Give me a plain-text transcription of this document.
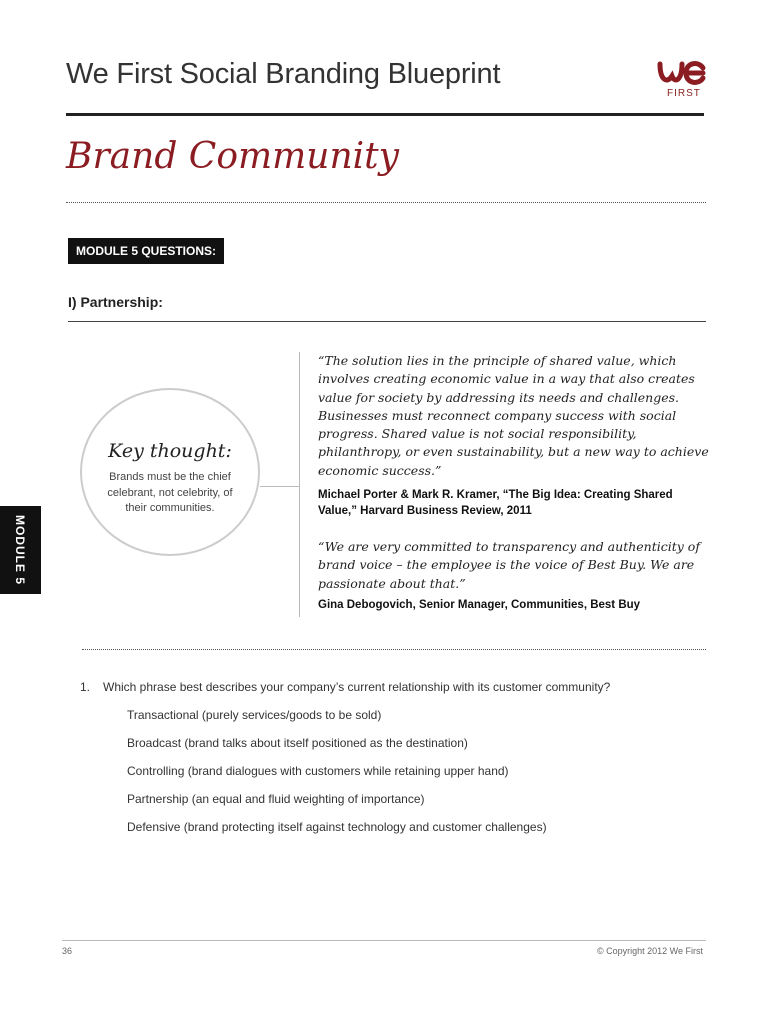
We First Social Branding Blueprint
FIRST
Brand Community
MODULE 5 QUESTIONS:
I) Partnership:
Key thought:
Brands must be the chief celebrant, not celebrity, of their communities.
“The solution lies in the principle of shared value, which involves creating economic value in a way that also creates value for society by addressing its needs and challenges. Businesses must reconnect company success with social progress. Shared value is not social responsibility, philanthropy, or even sustainability, but a new way to achieve economic success.”
Michael Porter & Mark R. Kramer, “The Big Idea: Creating Shared Value,” Harvard Business Review, 2011
“We are very committed to transparency and authenticity of brand voice – the employee is the voice of Best Buy. We are passionate about that.”
Gina Debogovich, Senior Manager, Communities, Best Buy
1. Which phrase best describes your company’s current relationship with its customer community?
Transactional (purely services/goods to be sold)
Broadcast (brand talks about itself positioned as the destination)
Controlling (brand dialogues with customers while retaining upper hand)
Partnership (an equal and fluid weighting of importance)
Defensive (brand protecting itself against technology and customer challenges)
MODULE 5
36	© Copyright 2012 We First
